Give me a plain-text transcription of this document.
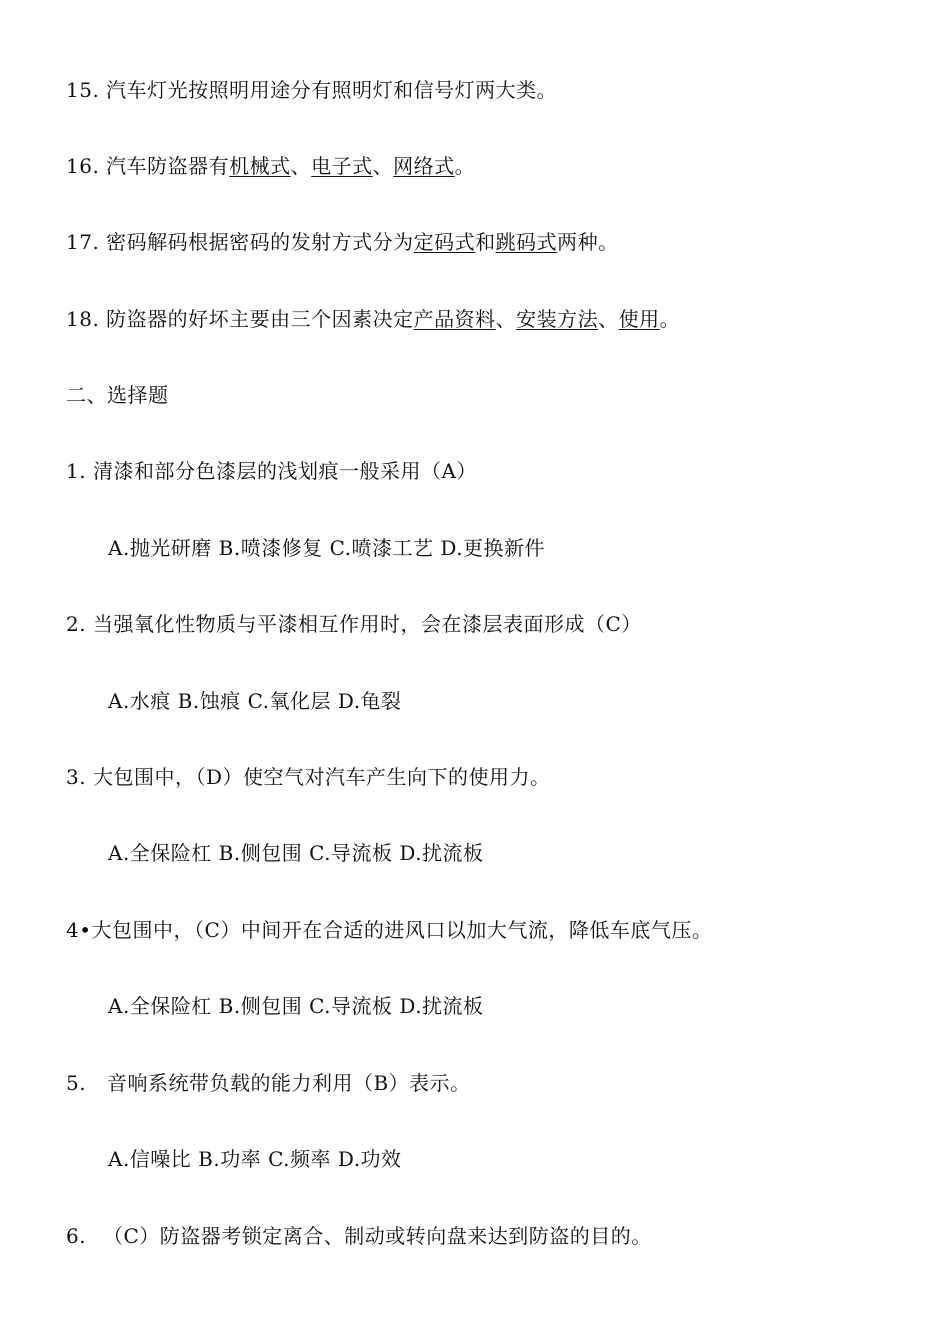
15. 汽车灯光按照明用途分有照明灯和信号灯两大类。
16. 汽车防盗器有机械式、电子式、网络式。
17. 密码解码根据密码的发射方式分为定码式和跳码式两种。
18. 防盗器的好坏主要由三个因素决定产品资料、安装方法、使用。
二、选择题
1. 清漆和部分色漆层的浅划痕一般采用（A）
A.抛光研磨 B.喷漆修复 C.喷漆工艺 D.更换新件
2. 当强氧化性物质与平漆相互作用时，会在漆层表面形成（C）
A.水痕 B.蚀痕 C.氧化层 D.龟裂
3. 大包围中，（D）使空气对汽车产生向下的使用力。
A.全保险杠 B.侧包围 C.导流板 D.扰流板
4•大包围中，（C）中间开在合适的进风口以加大气流，降低车底气压。
A.全保险杠 B.侧包围 C.导流板 D.扰流板
5. 音响系统带负载的能力利用（B）表示。
A.信噪比 B.功率 C.频率 D.功效
6. （C）防盗器考锁定离合、制动或转向盘来达到防盗的目的。
